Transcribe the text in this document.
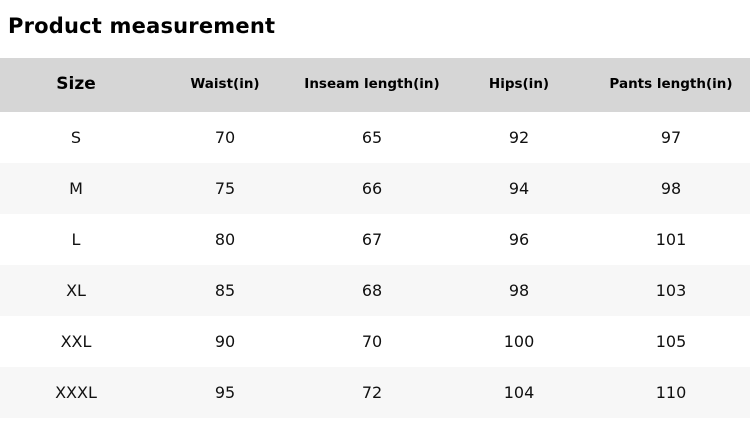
Product measurement
Size	Waist(in)	Inseam length(in)	Hips(in)	Pants length(in)
S	70	65	92	97
M	75	66	94	98
L	80	67	96	101
XL	85	68	98	103
XXL	90	70	100	105
XXXL	95	72	104	110
